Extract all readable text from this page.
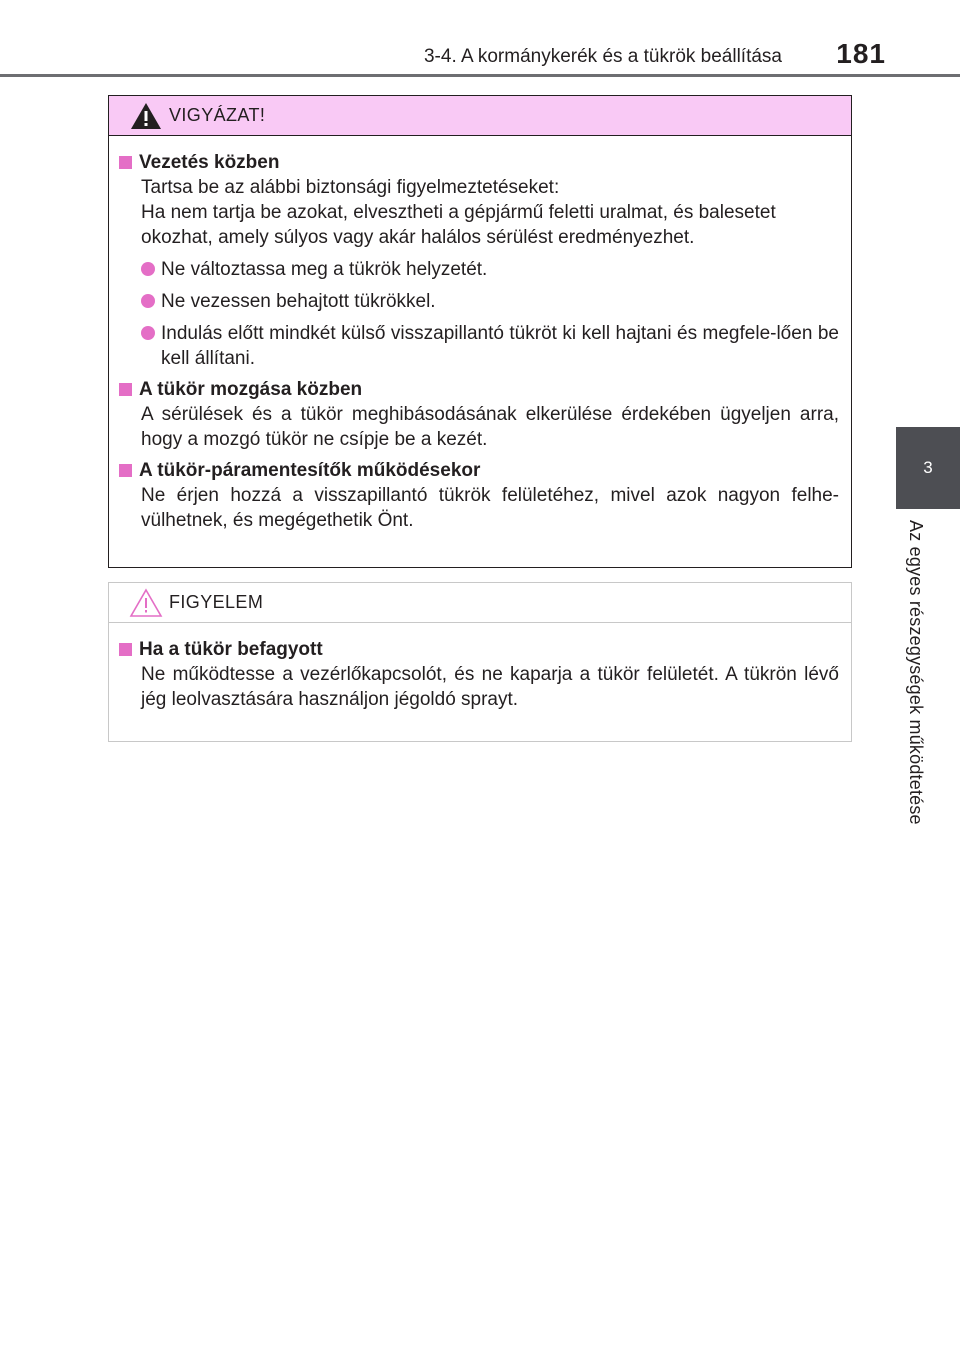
3-4. A kormánykerék és a tükrök beállítása 181
3
Az egyes részegységek működtetése
VIGYÁZAT!
Vezetés közben

Tartsa be az alábbi biztonsági figyelmeztetéseket:

Ha nem tartja be azokat, elvesztheti a gépjármű feletti uralmat, és balesetet okozhat, amely súlyos vagy akár halálos sérülést eredményezhet.

Ne változtassa meg a tükrök helyzetét.
Ne vezessen behajtott tükrökkel.
Indulás előtt mindkét külső visszapillantó tükröt ki kell hajtani és megfele-lően be kell állítani.
A tükör mozgása közben

A sérülések és a tükör meghibásodásának elkerülése érdekében ügyeljen arra, hogy a mozgó tükör ne csípje be a kezét.

A tükör-páramentesítők működésekor

Ne érjen hozzá a visszapillantó tükrök felületéhez, mivel azok nagyon felhe-vülhetnek, és megégethetik Önt.

FIGYELEM
Ha a tükör befagyott

Ne működtesse a vezérlőkapcsolót, és ne kaparja a tükör felületét. A tükrön lévő jég leolvasztására használjon jégoldó sprayt.
